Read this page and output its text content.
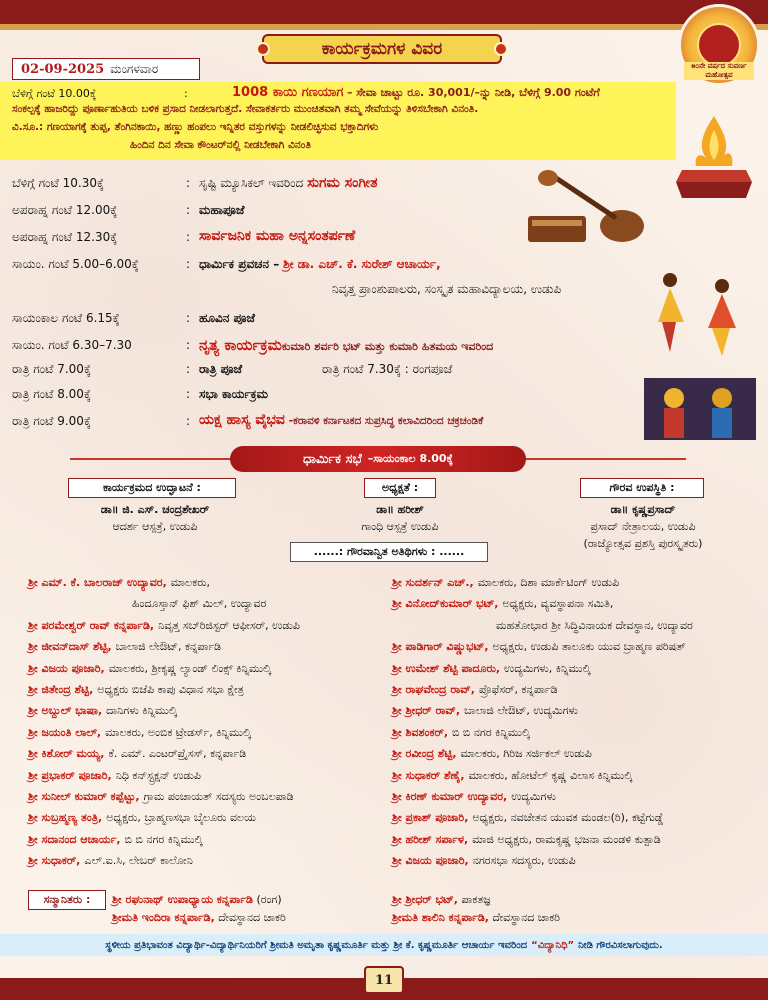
ಕಾರ್ಯಕ್ರಮಗಳ ವಿವರ
೫೦ನೇ ವರ್ಷದ ಸುವರ್ಣ ಮಹೋತ್ಸವ
02-09-2025 ಮಂಗಳವಾರ
ಬೆಳಿಗ್ಗೆ ಗಂಟೆ 10.00ಕ್ಕೆ	:	1008 ಕಾಯಿ ಗಣಯಾಗ – ಸೇವಾ ಚಾಟ್ಟು ರೂ. 30,001/–ನ್ನು ನೀಡಿ, ಬೆಳಿಗ್ಗೆ 9.00 ಗಂಟೆಗೆ
ಸಂಕಲ್ಪಕ್ಕೆ ಹಾಜರಿದ್ದು ಪೂರ್ಣಾಹುತಿಯ ಬಳಿಕ ಪ್ರಸಾದ ನೀಡಲಾಗುತ್ತದೆ. ಸೇವಾಕರ್ತರು ಮುಂಚಿತವಾಗಿ ತಮ್ಮ ಸೇವೆಯನ್ನು ತಿಳಿಸಬೇಕಾಗಿ ವಿನಂತಿ.
ವಿ.ಸೂ.: ಗಣಯಾಗಕ್ಕೆ ತುಪ್ಪ, ತೆಂಗಿನಕಾಯಿ, ಹಣ್ಣು ಹಂಪಲು ಇನ್ನಿತರ ವಸ್ತುಗಳನ್ನು ನೀಡಲಿಚ್ಛಿಸುವ ಭಕ್ತಾದಿಗಳು
ಹಿಂದಿನ ದಿನ ಸೇವಾ ಕೌಂಟರ್‌ನಲ್ಲಿ ನೀಡಬೇಕಾಗಿ ವಿನಂತಿ
ಬೆಳಿಗ್ಗೆ ಗಂಟೆ 10.30ಕ್ಕೆ	: ಸೃಷ್ಟಿ ಮ್ಯೂಸಿಕಲ್ ಇವರಿಂದ ಸುಗಮ ಸಂಗೀತ
ಅಪರಾಹ್ನ ಗಂಟೆ 12.00ಕ್ಕೆ	: ಮಹಾಪೂಜೆ
ಅಪರಾಹ್ನ ಗಂಟೆ 12.30ಕ್ಕೆ	: ಸಾರ್ವಜನಿಕ ಮಹಾ ಅನ್ನಸಂತರ್ಪಣೆ
ಸಾಯಂ. ಗಂಟೆ 5.00–6.00ಕ್ಕೆ	: ಧಾರ್ಮಿಕ ಪ್ರವಚನ – ಶ್ರೀ ಡಾ. ಎಚ್. ಕೆ. ಸುರೇಶ್ ಆಚಾರ್ಯ,
ನಿವೃತ್ತ ಪ್ರಾಂಶುಪಾಲರು, ಸಂಸ್ಕೃತ ಮಹಾವಿದ್ಯಾಲಯ, ಉಡುಪಿ
ಸಾಯಂಕಾಲ ಗಂಟೆ 6.15ಕ್ಕೆ	: ಹೂವಿನ ಪೂಜೆ
ಸಾಯಂ. ಗಂಟೆ 6.30–7.30	: ನೃತ್ಯ ಕಾರ್ಯಕ್ರಮಕುಮಾರಿ ಶರ್ವರಿ ಭಟ್ ಮತ್ತು ಕುಮಾರಿ ಹಿತಮಯ ಇವರಿಂದ
ರಾತ್ರಿ ಗಂಟೆ 7.00ಕ್ಕೆ	: ರಾತ್ರಿ ಪೂಜೆ	ರಾತ್ರಿ ಗಂಟೆ 7.30ಕ್ಕೆ : ರಂಗಪೂಜೆ
ರಾತ್ರಿ ಗಂಟೆ 8.00ಕ್ಕೆ	: ಸಭಾ ಕಾರ್ಯಕ್ರಮ
ರಾತ್ರಿ ಗಂಟೆ 9.00ಕ್ಕೆ	: ಯಕ್ಷ ಹಾಸ್ಯ ವೈಭವ -ಕರಾವಳಿ ಕರ್ನಾಟಕದ ಸುಪ್ರಸಿದ್ಧ ಕಲಾವಿದರಿಂದ ಚಕ್ರಚಂಡಿಕೆ
ಧಾರ್ಮಿಕ ಸಭೆ –ಸಾಯಂಕಾಲ 8.00ಕ್ಕೆ
ಕಾರ್ಯಕ್ರಮದ ಉದ್ಘಾಟನೆ :
ಡಾ॥ ಜಿ. ಎಸ್. ಚಂದ್ರಶೇಖರ್
ಆದರ್ಶ ಆಸ್ಪತ್ರೆ, ಉಡುಪಿ
ಅಧ್ಯಕ್ಷತೆ :
ಡಾ॥ ಹರೀಶ್
ಗಾಂಧಿ ಆಸ್ಪತ್ರೆ ಉಡುಪಿ
ಗೌರವ ಉಪಸ್ಥಿತಿ :
ಡಾ॥ ಕೃಷ್ಣಪ್ರಸಾದ್
ಪ್ರಸಾದ್ ನೇತ್ರಾಲಯ, ಉಡುಪಿ
(ರಾಜ್ಯೋತ್ಸವ ಪ್ರಶಸ್ತಿ ಪುರಸ್ಕೃತರು)
......: ಗೌರವಾನ್ವಿತ ಅತಿಥಿಗಳು : ......
ಶ್ರೀ ಎಮ್. ಕೆ. ಬಾಲರಾಜ್ ಉದ್ಯಾವರ, ಮಾಲಕರು,
ಹಿಂದೂಸ್ತಾನ್ ಫಿಶ್ ಮಿಲ್, ಉದ್ಯಾವರ
ಶ್ರೀ ಪರಮೇಶ್ವರ್ ರಾವ್ ಕನ್ನರ್ಪಾಡಿ, ನಿವೃತ್ತ ಸಬ್‌ರಿಜಿಸ್ಟರ್ ಆಫೀಸರ್, ಉಡುಪಿ
ಶ್ರೀ ಜೀವನ್‌ದಾಸ್ ಶೆಟ್ಟಿ, ಬಾಲಾಜಿ ಲೇಔಟ್, ಕನ್ನರ್ಪಾಡಿ
ಶ್ರೀ ವಿಜಯ ಪೂಜಾರಿ, ಮಾಲಕರು, ಶ್ರೀಕೃಷ್ಣ ಲ್ಯಾಂಡ್ ಲಿಂಕ್ಸ್ ಕಿನ್ನಿಮುಲ್ಕಿ
ಶ್ರೀ ಜಿತೇಂದ್ರ ಶೆಟ್ಟಿ, ಅಧ್ಯಕ್ಷರು ಬಿಜೆಪಿ ಕಾಪು ವಿಧಾನ ಸಭಾ ಕ್ಷೇತ್ರ
ಶ್ರೀ ಅಬ್ದುಲ್ ಭಾಷಾ, ದಾನಿಗಳು ಕಿನ್ನಿಮುಲ್ಕಿ
ಶ್ರೀ ಜಯಂತಿ ಲಾಲ್, ಮಾಲಕರು, ಅಂಬಿಕ ಟ್ರೇಡರ್ಸ್, ಕಿನ್ನಿಮುಲ್ಕಿ
ಶ್ರೀ ಕಿಶೋರ್ ಮಯ್ಯ, ಕೆ. ಎಮ್. ಎಂಟರ್‌ಪ್ರೈಸಸ್, ಕನ್ನರ್ಪಾಡಿ
ಶ್ರೀ ಪ್ರಭಾಕರ್ ಪೂಜಾರಿ, ನಿಧಿ ಕನ್‌ಸ್ಟ್ರಕ್ಷನ್ ಉಡುಪಿ
ಶ್ರೀ ಸುನೀಲ್ ಕುಮಾರ್ ಕಪ್ಪೆಟ್ಟು, ಗ್ರಾಮ ಪಂಚಾಯತ್ ಸದಸ್ಯರು ಅಂಬಲಪಾಡಿ
ಶ್ರೀ ಸುಬ್ರಹ್ಮಣ್ಯ ತಂತ್ರಿ, ಅಧ್ಯಕ್ಷರು, ಬ್ರಾಹ್ಮಣಸಭಾ ಬೈಲೂರು ವಲಯ
ಶ್ರೀ ಸದಾನಂದ ಆಚಾರ್ಯ, ಬಿ ಬಿ ನಗರ ಕಿನ್ನಿಮುಲ್ಕಿ
ಶ್ರೀ ಸುಧಾಕರ್, ಎಲ್.ಐ.ಸಿ, ಲೇಬರ್ ಕಾಲೋನಿ
ಶ್ರೀ ಸುದರ್ಶನ್ ಎಚ್., ಮಾಲಕರು, ದಿಶಾ ಮಾರ್ಕೆಟಿಂಗ್ ಉಡುಪಿ
ಶ್ರೀ ವಿನೋದ್‌ಕುಮಾರ್ ಭಟ್, ಅಧ್ಯಕ್ಷರು, ವ್ಯವಸ್ಥಾಪನಾ ಸಮಿತಿ,
ಮಹತೋಭಾರ ಶ್ರೀ ಸಿದ್ಧಿವಿನಾಯಕ ದೇವಸ್ಥಾನ, ಉದ್ಯಾವರ
ಶ್ರೀ ಪಾಡಿಗಾರ್ ವಿಷ್ಣುಭಟ್, ಅಧ್ಯಕ್ಷರು, ಉಡುಪಿ ತಾಲೂಕು ಯುವ ಬ್ರಾಹ್ಮಣ ಪರಿಷತ್
ಶ್ರೀ ಉಮೇಶ್ ಶೆಟ್ಟಿ ಪಾದೂರು, ಉದ್ಯಮಿಗಳು, ಕಿನ್ನಿಮುಲ್ಕಿ
ಶ್ರೀ ರಾಘವೇಂದ್ರ ರಾವ್, ಪ್ರೊಫೆಸರ್, ಕನ್ನರ್ಪಾಡಿ
ಶ್ರೀ ಶ್ರೀಧರ್ ರಾವ್, ಬಾಲಾಜಿ ಲೇಔಟ್, ಉದ್ಯಮಿಗಳು
ಶ್ರೀ ಶಿವಶಂಕರ್, ಬಿ ಬಿ ನಗರ ಕಿನ್ನಿಮುಲ್ಕಿ
ಶ್ರೀ ರವೀಂದ್ರ ಶೆಟ್ಟಿ, ಮಾಲಕರು, ಗಿರಿಜ ಸರ್ಜಿಕಲ್ ಉಡುಪಿ
ಶ್ರೀ ಸುಧಾಕರ್ ಶೆಣೈ, ಮಾಲಕರು, ಹೋಟೆಲ್ ಕೃಷ್ಣ ವಿಲಾಸ ಕಿನ್ನಿಮುಲ್ಕಿ
ಶ್ರೀ ಕಿರಣ್ ಕುಮಾರ್ ಉದ್ಯಾವರ, ಉದ್ಯಮಿಗಳು
ಶ್ರೀ ಪ್ರಕಾಶ್ ಪೂಜಾರಿ, ಅಧ್ಯಕ್ಷರು, ನವಚೇತನ ಯುವಕ ಮಂಡಲ(ರಿ), ಕಟ್ಟೆಗುಡ್ಡೆ
ಶ್ರೀ ಹರೀಶ್ ಸರ್ಪಾಳ, ಮಾಜಿ ಅಧ್ಯಕ್ಷರು, ರಾಮಕೃಷ್ಣ ಭಜನಾ ಮಂಡಳಿ ಕುತ್ಪಾಡಿ
ಶ್ರೀ ವಿಜಯ ಪೂಜಾರಿ, ನಗರಸಭಾ ಸದಸ್ಯರು, ಉಡುಪಿ
ಸನ್ಮಾನಿತರು :	ಶ್ರೀ ರಘುನಾಥ್ ಉಪಾಧ್ಯಾಯ ಕನ್ನರ್ಪಾಡಿ (ರಂಗ)
ಶ್ರೀಮತಿ ಇಂದಿರಾ ಕನ್ನರ್ಪಾಡಿ, ದೇವಸ್ಥಾನದ ಚಾಕರಿ
ಶ್ರೀ ಶ್ರೀಧರ್ ಭಟ್, ಪಾಕತಜ್ಞ
ಶ್ರೀಮತಿ ಶಾಲಿನಿ ಕನ್ನರ್ಪಾಡಿ, ದೇವಸ್ಥಾನದ ಚಾಕರಿ
ಸ್ಥಳೀಯ ಪ್ರತಿಭಾವಂತ ವಿದ್ಯಾರ್ಥಿ-ವಿದ್ಯಾರ್ಥಿನಿಯರಿಗೆ ಶ್ರೀಮತಿ ಅಮೃತಾ ಕೃಷ್ಣಮೂರ್ತಿ ಮತ್ತು ಶ್ರೀ ಕೆ. ಕೃಷ್ಣಮೂರ್ತಿ ಆಚಾರ್ಯ ಇವರಿಂದ “ವಿದ್ಯಾನಿಧಿ” ನೀಡಿ ಗೌರವಿಸಲಾಗುವುದು.
11
